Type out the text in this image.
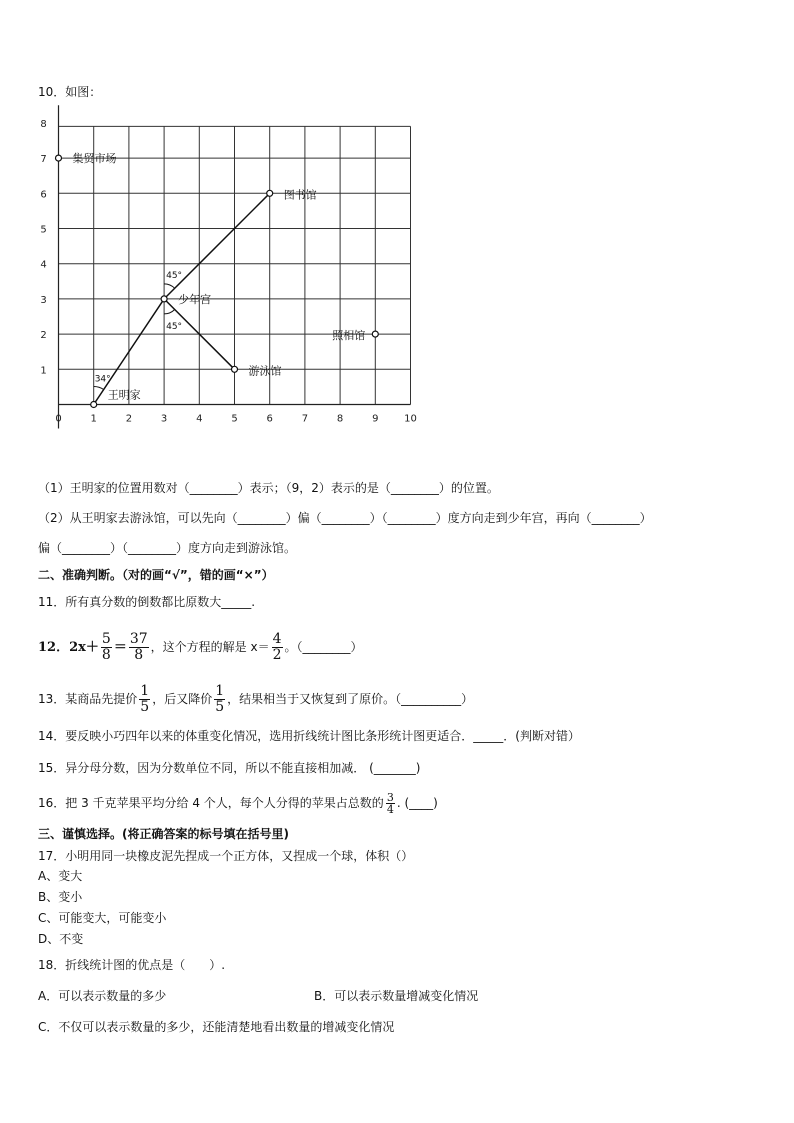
10．如图：
0	1	2	3	4	5	6	7	8	9	10
1
2
3
4
5
6
7
8
45°
45°
34°
集贸市场
图书馆
少年宫
照相馆
游泳馆
王明家
（1）王明家的位置用数对（________）表示；（9，2）表示的是（________）的位置。
（2）从王明家去游泳馆，可以先向（________）偏（________）（________）度方向走到少年宫，再向（________）
偏（________）（________）度方向走到游泳馆。
二、准确判断。（对的画“√”，错的画“×”）
11．所有真分数的倒数都比原数大_____.
12．$2x+ \frac{5}{8} = \frac{37}{8}$ ，这个方程的解是 $x= \frac{4}{2}$ 。（________）
13．某商品先提价 $\frac{1}{5}$ ，后又降价 $\frac{1}{5}$ ，结果相当于又恢复到了原价。（__________）
14．要反映小巧四年以来的体重变化情况，选用折线统计图比条形统计图更适合．_____．(判断对错）
15．异分母分数，因为分数单位不同，所以不能直接相加减． (_______)
16．把 3 千克苹果平均分给 4 个人，每个人分得的苹果占总数的 $\frac{3}{4}$ . (____)
三、谨慎选择。(将正确答案的标号填在括号里)
17．小明用同一块橡皮泥先捏成一个正方体，又捏成一个球，体积（）
A、变大
B、变小
C、可能变大，可能变小
D、不变
18．折线统计图的优点是（　　）.
A．可以表示数量的多少	B．可以表示数量增减变化情况
C．不仅可以表示数量的多少，还能清楚地看出数量的增减变化情况
